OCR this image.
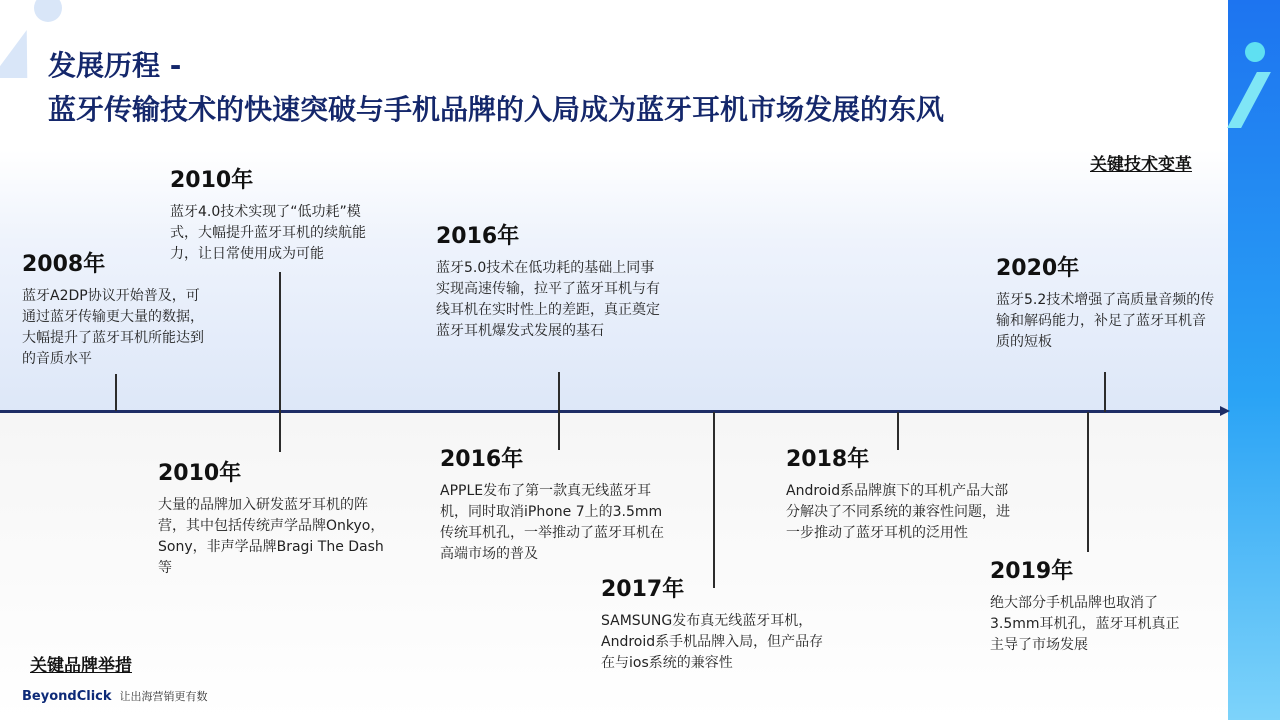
发展历程 -
蓝牙传输技术的快速突破与手机品牌的入局成为蓝牙耳机市场发展的东风
关键技术变革
关键品牌举措

2008年

蓝牙A2DP协议开始普及，可通过蓝牙传输更大量的数据，大幅提升了蓝牙耳机所能达到的音质水平

2010年

蓝牙4.0技术实现了“低功耗”模式，大幅提升蓝牙耳机的续航能力，让日常使用成为可能

2016年

蓝牙5.0技术在低功耗的基础上同事实现高速传输，拉平了蓝牙耳机与有线耳机在实时性上的差距，真正奠定蓝牙耳机爆发式发展的基石

2020年

蓝牙5.2技术增强了高质量音频的传输和解码能力，补足了蓝牙耳机音质的短板

2010年

大量的品牌加入研发蓝牙耳机的阵营，其中包括传统声学品牌Onkyo，Sony，非声学品牌Bragi The Dash等

2016年

APPLE发布了第一款真无线蓝牙耳机，同时取消iPhone 7上的3.5mm传统耳机孔，一举推动了蓝牙耳机在高端市场的普及

2017年

SAMSUNG发布真无线蓝牙耳机，Android系手机品牌入局，但产品存在与ios系统的兼容性

2018年

Android系品牌旗下的耳机产品大部分解决了不同系统的兼容性问题，进一步推动了蓝牙耳机的泛用性

2019年

绝大部分手机品牌也取消了3.5mm耳机孔，蓝牙耳机真正主导了市场发展

BeyondClick 让出海营销更有数
